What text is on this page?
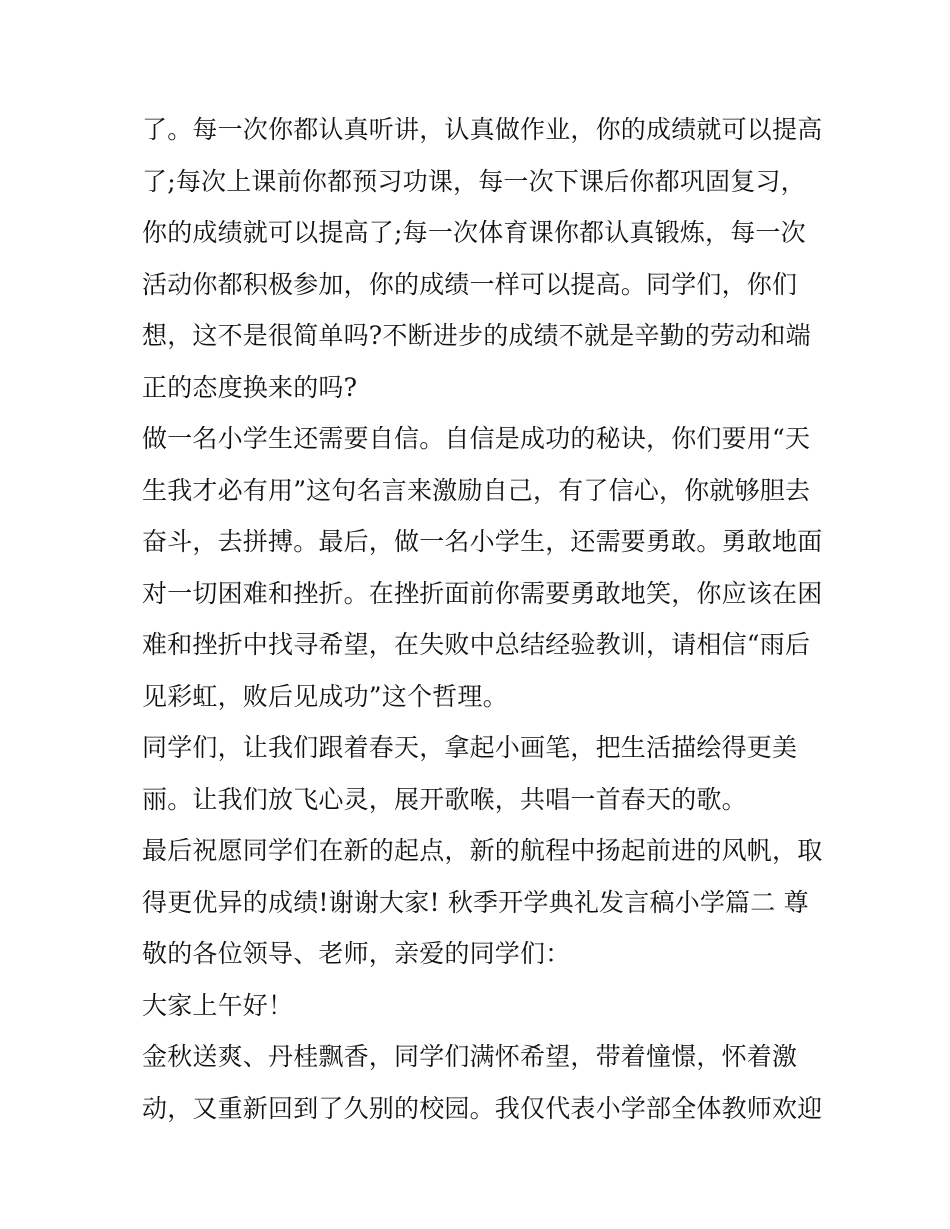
了。每一次你都认真听讲，认真做作业，你的成绩就可以提高
了;每次上课前你都预习功课，每一次下课后你都巩固复习，
你的成绩就可以提高了;每一次体育课你都认真锻炼，每一次
活动你都积极参加，你的成绩一样可以提高。同学们，你们
想，这不是很简单吗?不断进步的成绩不就是辛勤的劳动和端
正的态度换来的吗?
做一名小学生还需要自信。自信是成功的秘诀，你们要用“天
生我才必有用”这句名言来激励自己，有了信心，你就够胆去
奋斗，去拼搏。最后，做一名小学生，还需要勇敢。勇敢地面
对一切困难和挫折。在挫折面前你需要勇敢地笑，你应该在困
难和挫折中找寻希望，在失败中总结经验教训，请相信“雨后
见彩虹，败后见成功”这个哲理。
同学们，让我们跟着春天，拿起小画笔，把生活描绘得更美
丽。让我们放飞心灵，展开歌喉，共唱一首春天的歌。
最后祝愿同学们在新的起点，新的航程中扬起前进的风帆，取
得更优异的成绩!谢谢大家! 秋季开学典礼发言稿小学篇二 尊
敬的各位领导、老师，亲爱的同学们：
大家上午好！
金秋送爽、丹桂飘香，同学们满怀希望，带着憧憬，怀着激
动，又重新回到了久别的校园。我仅代表小学部全体教师欢迎
